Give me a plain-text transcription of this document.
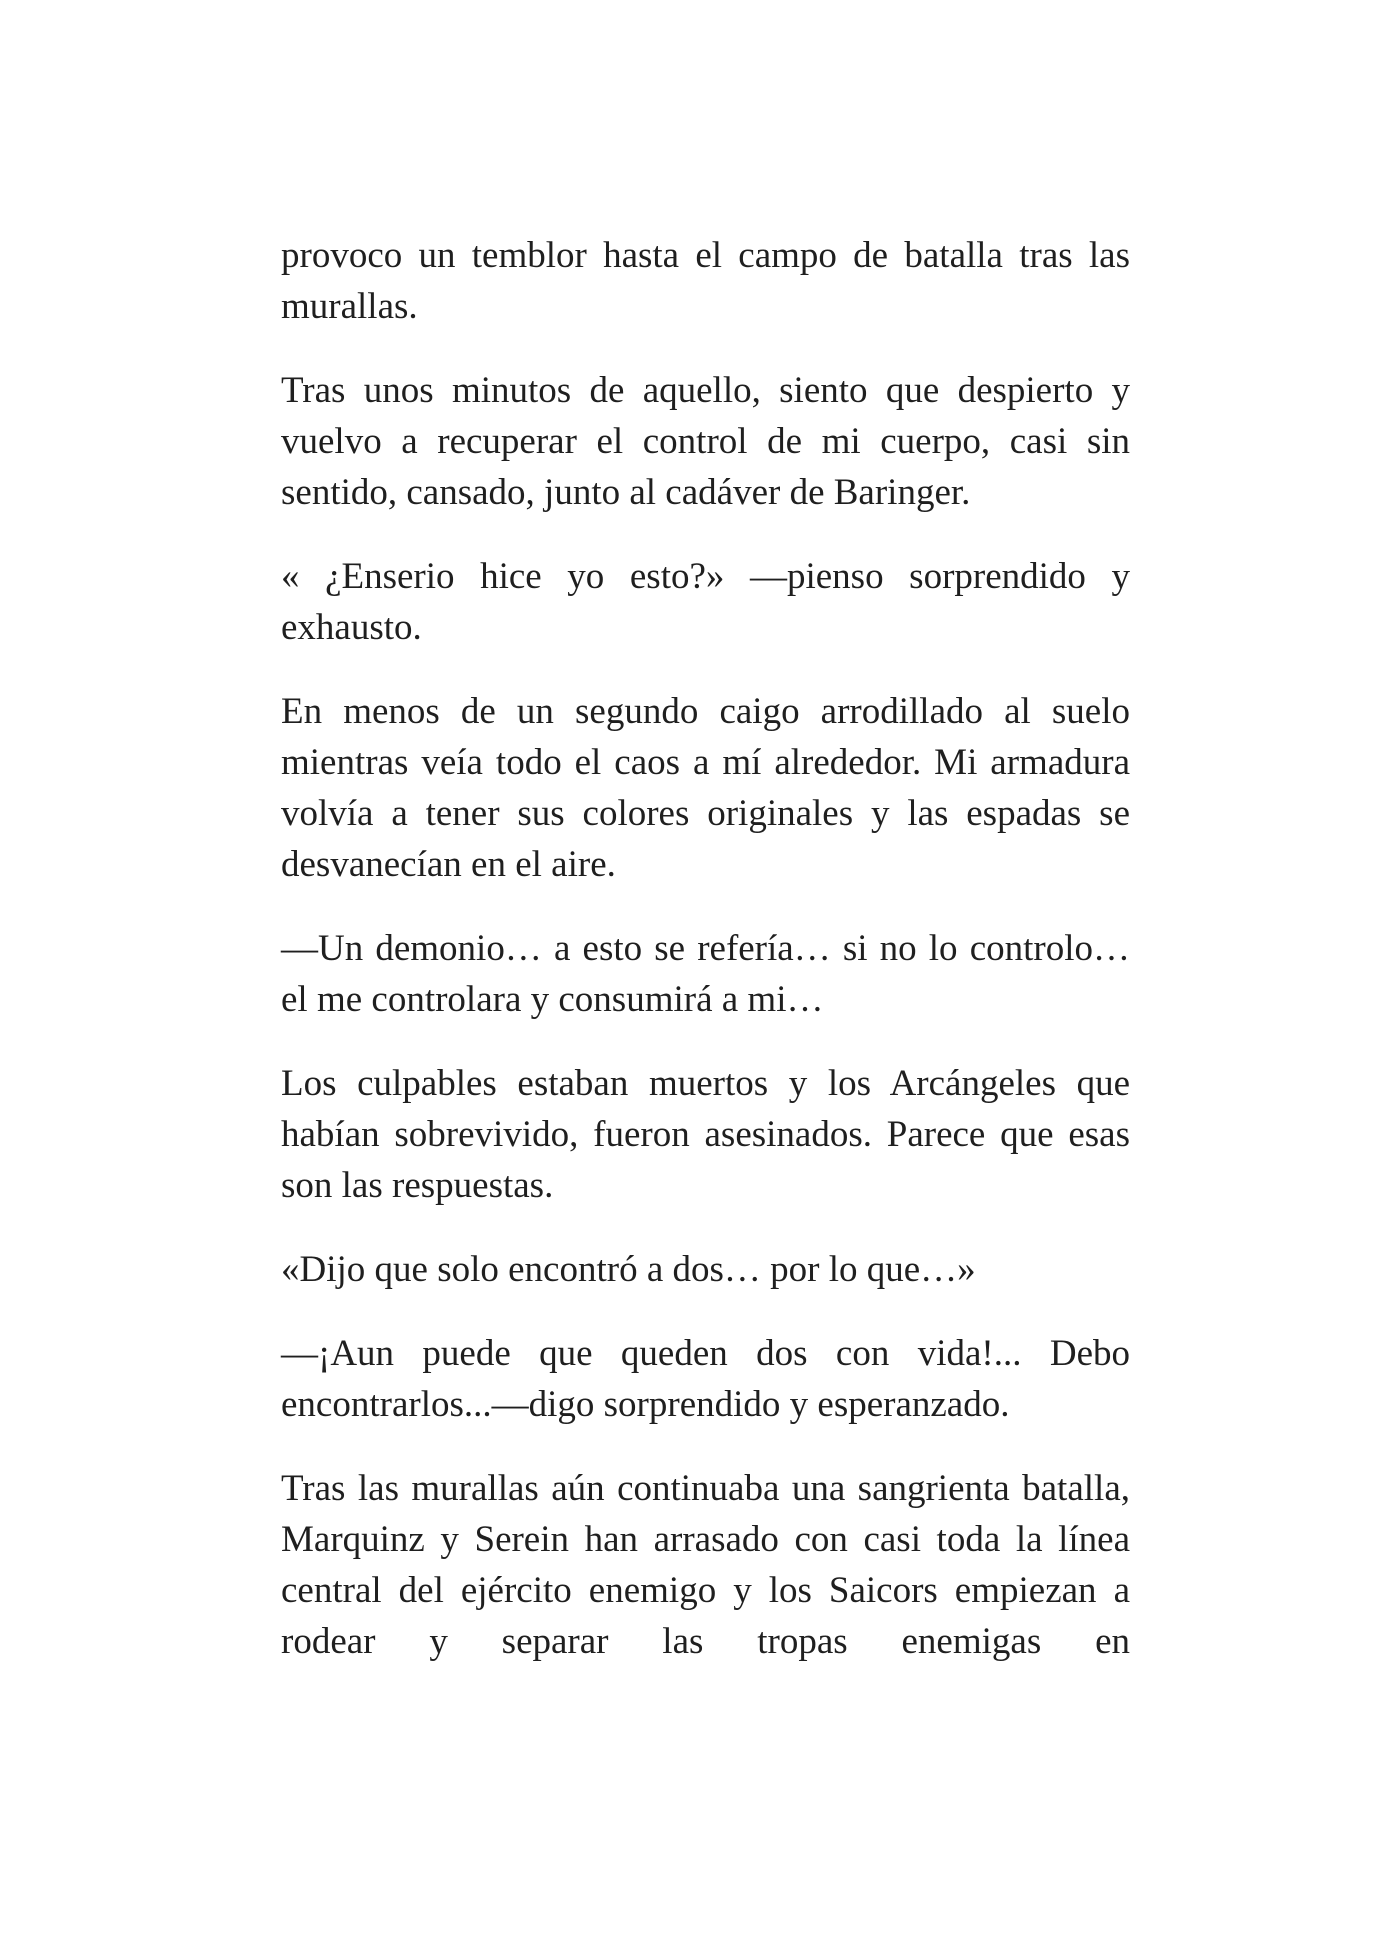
provoco un temblor hasta el campo de batalla tras las murallas.

Tras unos minutos de aquello, siento que despierto y vuelvo a recuperar el control de mi cuerpo, casi sin sentido, cansado, junto al cadáver de Baringer.

« ¿Enserio hice yo esto?» —pienso sorprendido y exhausto.

En menos de un segundo caigo arrodillado al suelo mientras veía todo el caos a mí alrededor. Mi armadura volvía a tener sus colores originales y las espadas se desvanecían en el aire.

—Un demonio… a esto se refería… si no lo controlo… el me controlara y consumirá a mi…

Los culpables estaban muertos y los Arcángeles que habían sobrevivido, fueron asesinados. Parece que esas son las respuestas.

«Dijo que solo encontró a dos… por lo que…»

—¡Aun puede que queden dos con vida!... Debo encontrarlos...—digo sorprendido y esperanzado.

Tras las murallas aún continuaba una sangrienta batalla, Marquinz y Serein han arrasado con casi toda la línea central del ejército enemigo y los Saicors empiezan a rodear y separar las tropas enemigas en
